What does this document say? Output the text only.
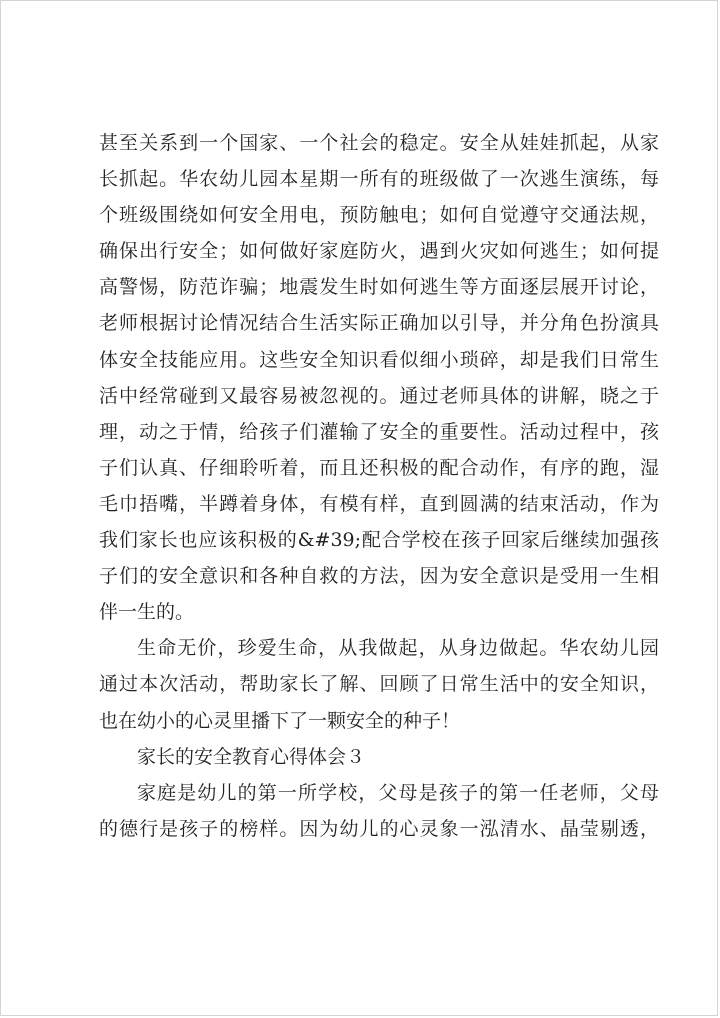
甚至关系到一个国家、一个社会的稳定。安全从娃娃抓起，从家
长抓起。华农幼儿园本星期一所有的班级做了一次逃生演练，每
个班级围绕如何安全用电，预防触电；如何自觉遵守交通法规，
确保出行安全；如何做好家庭防火，遇到火灾如何逃生；如何提
高警惕，防范诈骗；地震发生时如何逃生等方面逐层展开讨论，
老师根据讨论情况结合生活实际正确加以引导，并分角色扮演具
体安全技能应用。这些安全知识看似细小琐碎，却是我们日常生
活中经常碰到又最容易被忽视的。通过老师具体的讲解，晓之于
理，动之于情，给孩子们灌输了安全的重要性。活动过程中，孩
子们认真、仔细聆听着，而且还积极的配合动作，有序的跑，湿
毛巾捂嘴，半蹲着身体，有模有样，直到圆满的结束活动，作为
我们家长也应该积极的&#39;配合学校在孩子回家后继续加强孩
子们的安全意识和各种自救的方法，因为安全意识是受用一生相
伴一生的。
生命无价，珍爱生命，从我做起，从身边做起。华农幼儿园
通过本次活动，帮助家长了解、回顾了日常生活中的安全知识，
也在幼小的心灵里播下了一颗安全的种子！
家长的安全教育心得体会３
家庭是幼儿的第一所学校，父母是孩子的第一任老师，父母
的德行是孩子的榜样。因为幼儿的心灵象一泓清水、晶莹剔透，
